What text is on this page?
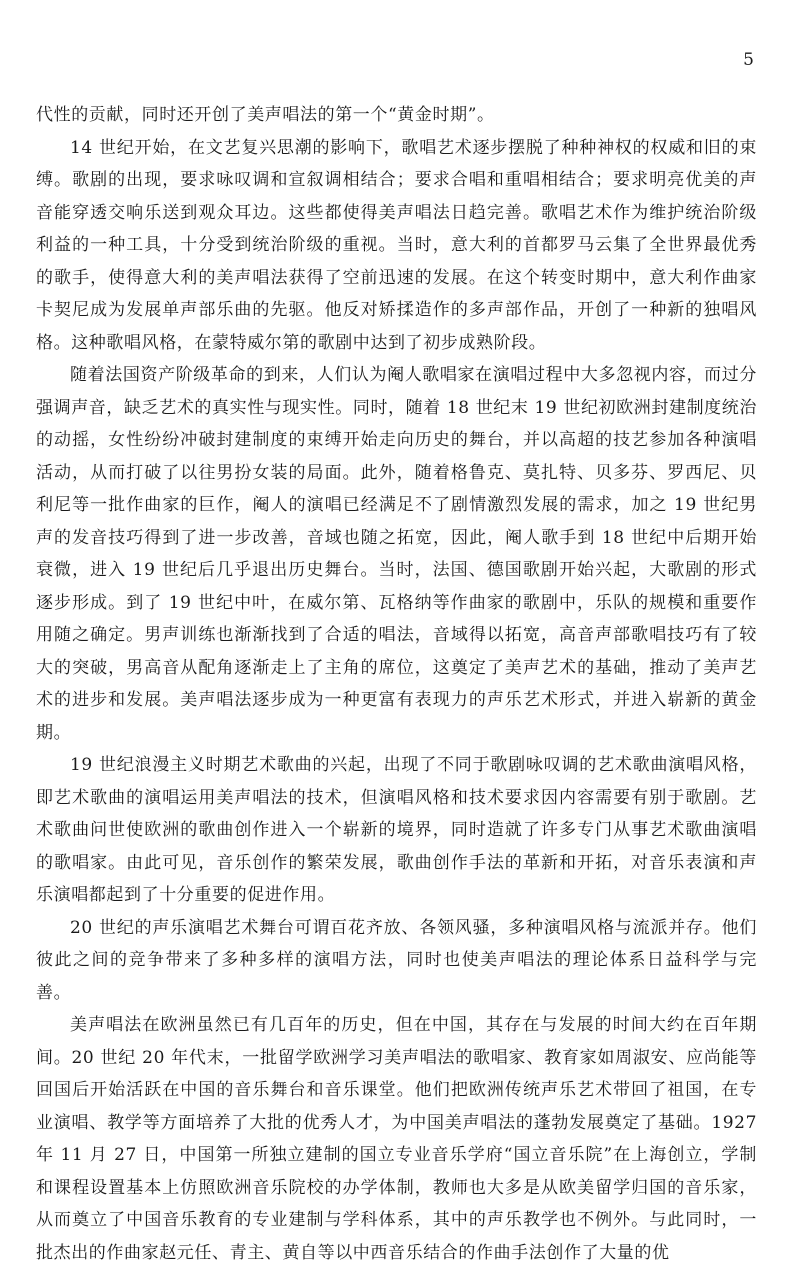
5

代性的贡献，同时还开创了美声唱法的第一个“黄金时期”。

14 世纪开始，在文艺复兴思潮的影响下，歌唱艺术逐步摆脱了种种神权的权威和旧的束缚。歌剧的出现，要求咏叹调和宣叙调相结合；要求合唱和重唱相结合；要求明亮优美的声音能穿透交响乐送到观众耳边。这些都使得美声唱法日趋完善。歌唱艺术作为维护统治阶级利益的一种工具，十分受到统治阶级的重视。当时，意大利的首都罗马云集了全世界最优秀的歌手，使得意大利的美声唱法获得了空前迅速的发展。在这个转变时期中，意大利作曲家卡契尼成为发展单声部乐曲的先驱。他反对矫揉造作的多声部作品，开创了一种新的独唱风格。这种歌唱风格，在蒙特威尔第的歌剧中达到了初步成熟阶段。

随着法国资产阶级革命的到来，人们认为阉人歌唱家在演唱过程中大多忽视内容，而过分强调声音，缺乏艺术的真实性与现实性。同时，随着 18 世纪末 19 世纪初欧洲封建制度统治的动摇，女性纷纷冲破封建制度的束缚开始走向历史的舞台，并以高超的技艺参加各种演唱活动，从而打破了以往男扮女装的局面。此外，随着格鲁克、莫扎特、贝多芬、罗西尼、贝利尼等一批作曲家的巨作，阉人的演唱已经满足不了剧情激烈发展的需求，加之 19 世纪男声的发音技巧得到了进一步改善，音域也随之拓宽，因此，阉人歌手到 18 世纪中后期开始衰微，进入 19 世纪后几乎退出历史舞台。当时，法国、德国歌剧开始兴起，大歌剧的形式逐步形成。到了 19 世纪中叶，在威尔第、瓦格纳等作曲家的歌剧中，乐队的规模和重要作用随之确定。男声训练也渐渐找到了合适的唱法，音域得以拓宽，高音声部歌唱技巧有了较大的突破，男高音从配角逐渐走上了主角的席位，这奠定了美声艺术的基础，推动了美声艺术的进步和发展。美声唱法逐步成为一种更富有表现力的声乐艺术形式，并进入崭新的黄金期。

19 世纪浪漫主义时期艺术歌曲的兴起，出现了不同于歌剧咏叹调的艺术歌曲演唱风格，即艺术歌曲的演唱运用美声唱法的技术，但演唱风格和技术要求因内容需要有别于歌剧。艺术歌曲问世使欧洲的歌曲创作进入一个崭新的境界，同时造就了许多专门从事艺术歌曲演唱的歌唱家。由此可见，音乐创作的繁荣发展，歌曲创作手法的革新和开拓，对音乐表演和声乐演唱都起到了十分重要的促进作用。

20 世纪的声乐演唱艺术舞台可谓百花齐放、各领风骚，多种演唱风格与流派并存。他们彼此之间的竞争带来了多种多样的演唱方法，同时也使美声唱法的理论体系日益科学与完善。

美声唱法在欧洲虽然已有几百年的历史，但在中国，其存在与发展的时间大约在百年期间。20 世纪 20 年代末，一批留学欧洲学习美声唱法的歌唱家、教育家如周淑安、应尚能等回国后开始活跃在中国的音乐舞台和音乐课堂。他们把欧洲传统声乐艺术带回了祖国，在专业演唱、教学等方面培养了大批的优秀人才，为中国美声唱法的蓬勃发展奠定了基础。1927 年 11 月 27 日，中国第一所独立建制的国立专业音乐学府“国立音乐院”在上海创立，学制和课程设置基本上仿照欧洲音乐院校的办学体制，教师也大多是从欧美留学归国的音乐家，从而奠立了中国音乐教育的专业建制与学科体系，其中的声乐教学也不例外。与此同时，一批杰出的作曲家赵元任、青主、黄自等以中西音乐结合的作曲手法创作了大量的优
